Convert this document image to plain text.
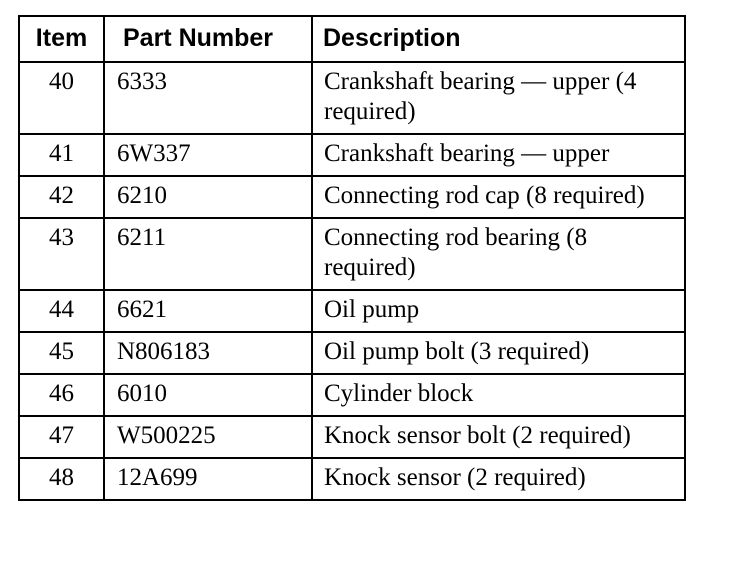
Item	Part Number	Description
40	6333	Crankshaft bearing — upper (4 required)
41	6W337	Crankshaft bearing — upper
42	6210	Connecting rod cap (8 required)
43	6211	Connecting rod bearing (8 required)
44	6621	Oil pump
45	N806183	Oil pump bolt (3 required)
46	6010	Cylinder block
47	W500225	Knock sensor bolt (2 required)
48	12A699	Knock sensor (2 required)
